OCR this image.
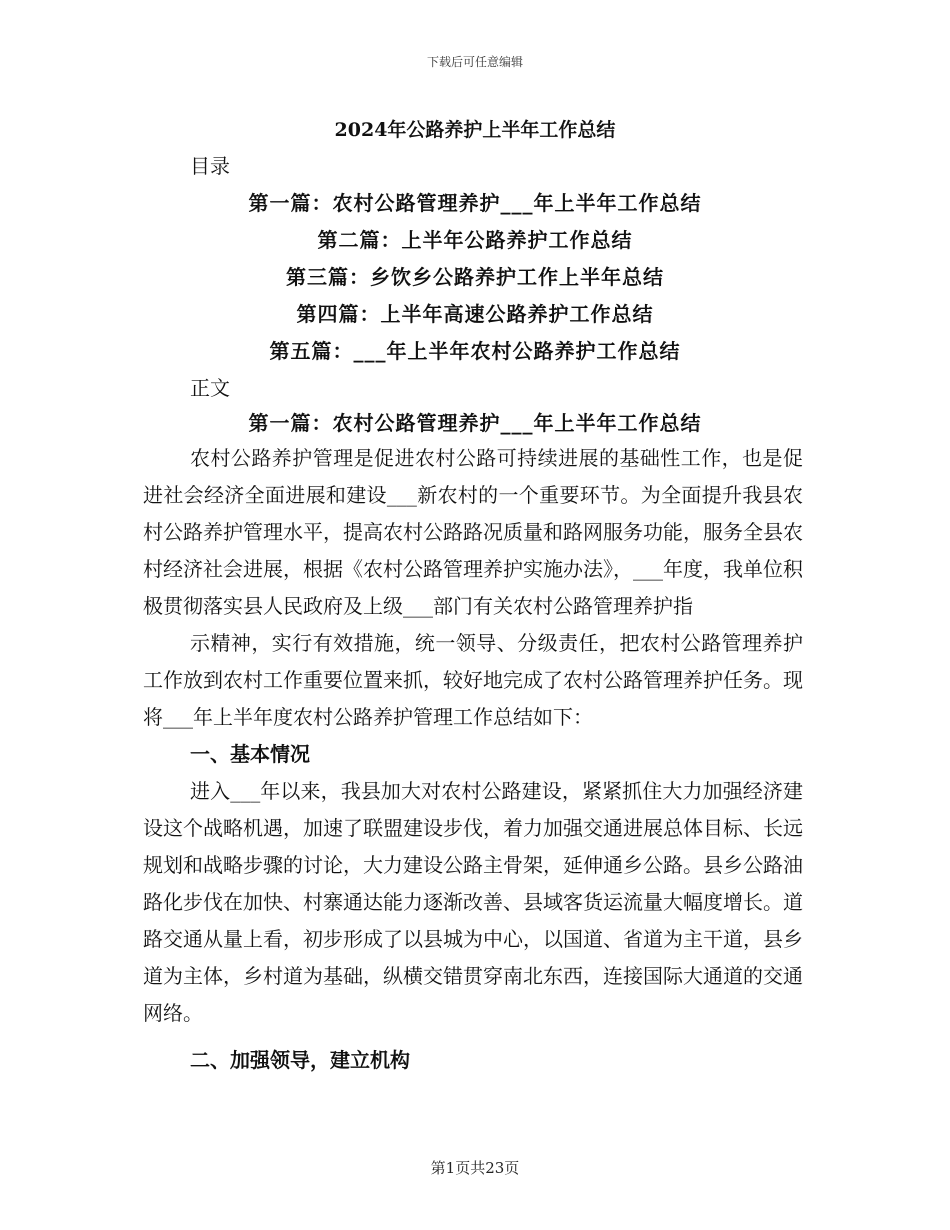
下载后可任意编辑
2024年公路养护上半年工作总结
目录
第一篇：农村公路管理养护___年上半年工作总结
第二篇：上半年公路养护工作总结
第三篇：乡饮乡公路养护工作上半年总结
第四篇：上半年高速公路养护工作总结
第五篇：___年上半年农村公路养护工作总结
正文
第一篇：农村公路管理养护___年上半年工作总结

农村公路养护管理是促进农村公路可持续进展的基础性工作，也是促进社会经济全面进展和建设___新农村的一个重要环节。为全面提升我县农村公路养护管理水平，提高农村公路路况质量和路网服务功能，服务全县农村经济社会进展，根据《农村公路管理养护实施办法》，___年度，我单位积极贯彻落实县人民政府及上级___部门有关农村公路管理养护指

示精神，实行有效措施，统一领导、分级责任，把农村公路管理养护工作放到农村工作重要位置来抓，较好地完成了农村公路管理养护任务。现将___年上半年度农村公路养护管理工作总结如下：

一、基本情况

进入___年以来，我县加大对农村公路建设，紧紧抓住大力加强经济建设这个战略机遇，加速了联盟建设步伐，着力加强交通进展总体目标、长远规划和战略步骤的讨论，大力建设公路主骨架，延伸通乡公路。县乡公路油路化步伐在加快、村寨通达能力逐渐改善、县域客货运流量大幅度增长。道路交通从量上看，初步形成了以县城为中心，以国道、省道为主干道，县乡道为主体，乡村道为基础，纵横交错贯穿南北东西，连接国际大通道的交通网络。

二、加强领导，建立机构

第1页共23页
